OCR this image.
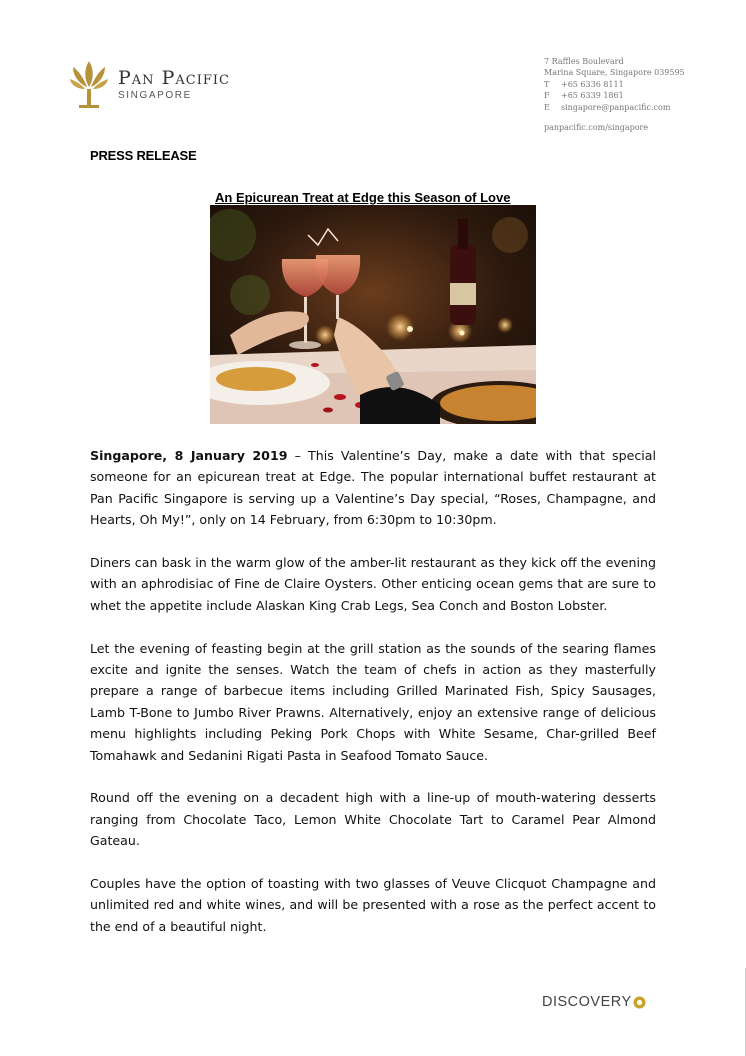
Pan Pacific
SINGAPORE
7 Raffles Boulevard
Marina Square, Singapore 039595
T +65 6336 8111
F +65 6339 1861
E singapore@panpacific.com
panpacific.com/singapore
PRESS RELEASE
An Epicurean Treat at Edge this Season of Love

Singapore, 8 January 2019 – This Valentine’s Day, make a date with that special someone for an epicurean treat at Edge. The popular international buffet restaurant at Pan Pacific Singapore is serving up a Valentine’s Day special, “Roses, Champagne, and Hearts, Oh My!”, only on 14 February, from 6:30pm to 10:30pm.

Diners can bask in the warm glow of the amber-lit restaurant as they kick off the evening with an aphrodisiac of Fine de Claire Oysters. Other enticing ocean gems that are sure to whet the appetite include Alaskan King Crab Legs, Sea Conch and Boston Lobster.

Let the evening of feasting begin at the grill station as the sounds of the searing flames excite and ignite the senses. Watch the team of chefs in action as they masterfully prepare a range of barbecue items including Grilled Marinated Fish, Spicy Sausages, Lamb T-Bone to Jumbo River Prawns. Alternatively, enjoy an extensive range of delicious menu highlights including Peking Pork Chops with White Sesame, Char-grilled Beef Tomahawk and Sedanini Rigati Pasta in Seafood Tomato Sauce.

Round off the evening on a decadent high with a line-up of mouth-watering desserts ranging from Chocolate Taco, Lemon White Chocolate Tart to Caramel Pear Almond Gateau.

Couples have the option of toasting with two glasses of Veuve Clicquot Champagne and unlimited red and white wines, and will be presented with a rose as the perfect accent to the end of a beautiful night.

DISCOVERY
